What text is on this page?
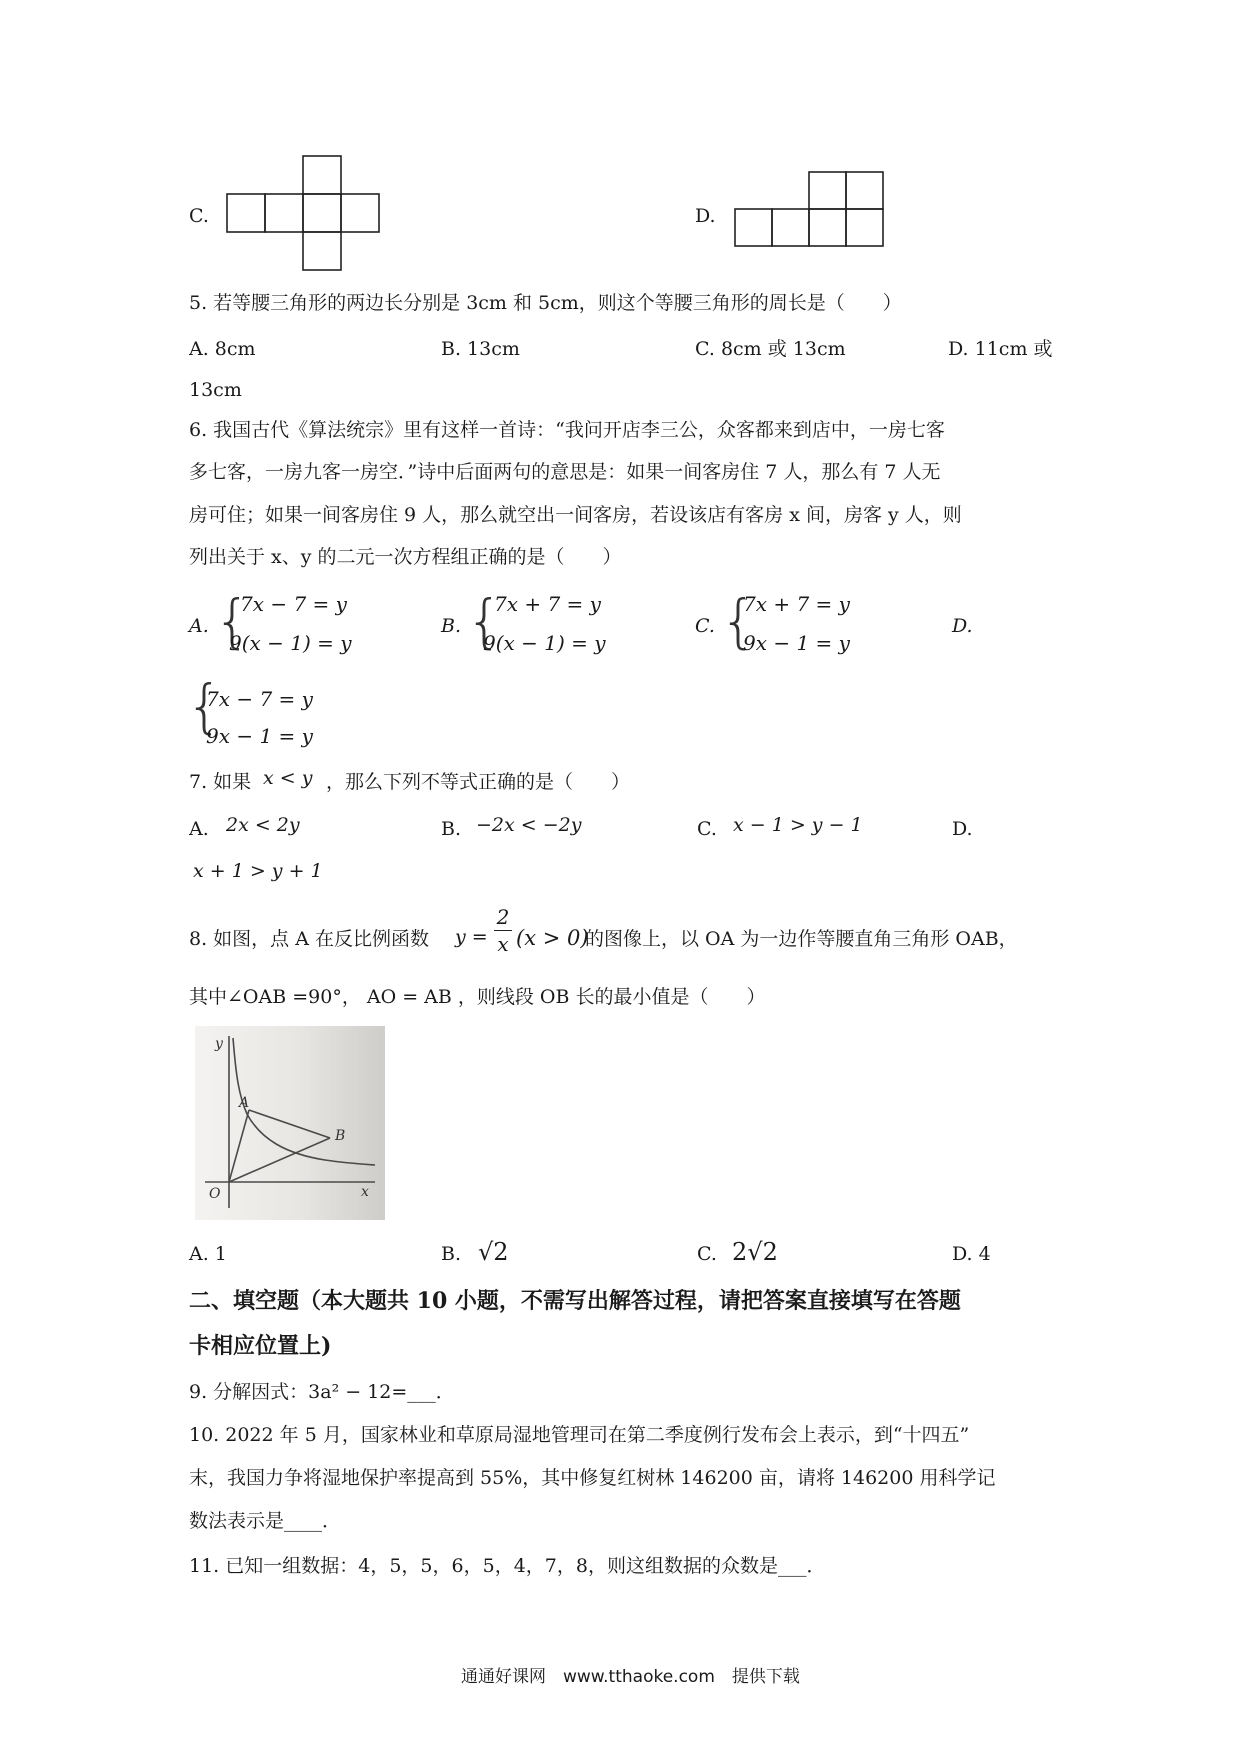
C.	D.
5. 若等腰三角形的两边长分别是 3cm 和 5cm，则这个等腰三角形的周长是（　　）
A. 8cm	B. 13cm	C. 8cm 或 13cm	D. 11cm 或
13cm
6. 我国古代《算法统宗》里有这样一首诗：“我问开店李三公，众客都来到店中，一房七客
多七客，一房九客一房空．”诗中后面两句的意思是：如果一间客房住 7 人，那么有 7 人无
房可住；如果一间客房住 9 人，那么就空出一间客房，若设该店有客房 x 间，房客 y 人，则
列出关于 x、y 的二元一次方程组正确的是（　　）
A. {
7x − 7 = y
9(x − 1) = y
B. {
7x + 7 = y
9(x − 1) = y
C. {
7x + 7 = y
9x − 1 = y
D.
{
7x − 7 = y
9x − 1 = y
7. 如果 x < y ，那么下列不等式正确的是（　　）
A. 2x < 2y	B. −2x < −2y	C. x − 1 > y − 1	D.
x + 1 > y + 1
8. 如图，点 A 在反比例函数 y =
2
x (x > 0)
的图像上，以 OA 为一边作等腰直角三角形 OAB，
其中∠OAB =90°， AO = AB ，则线段 OB 长的最小值是（　　）
y
x
O
A
B
A. 1	B. √2	C. 2√2	D. 4
二、填空题（本大题共 10 小题，不需写出解答过程，请把答案直接填写在答题
卡相应位置上)
9. 分解因式：3a² − 12=___．
10. 2022 年 5 月，国家林业和草原局湿地管理司在第二季度例行发布会上表示，到“十四五”
末，我国力争将湿地保护率提高到 55%，其中修复红树林 146200 亩，请将 146200 用科学记
数法表示是____．
11. 已知一组数据：4，5，5，6，5，4，7，8，则这组数据的众数是___．
通通好课网　www.tthaoke.com　提供下载
